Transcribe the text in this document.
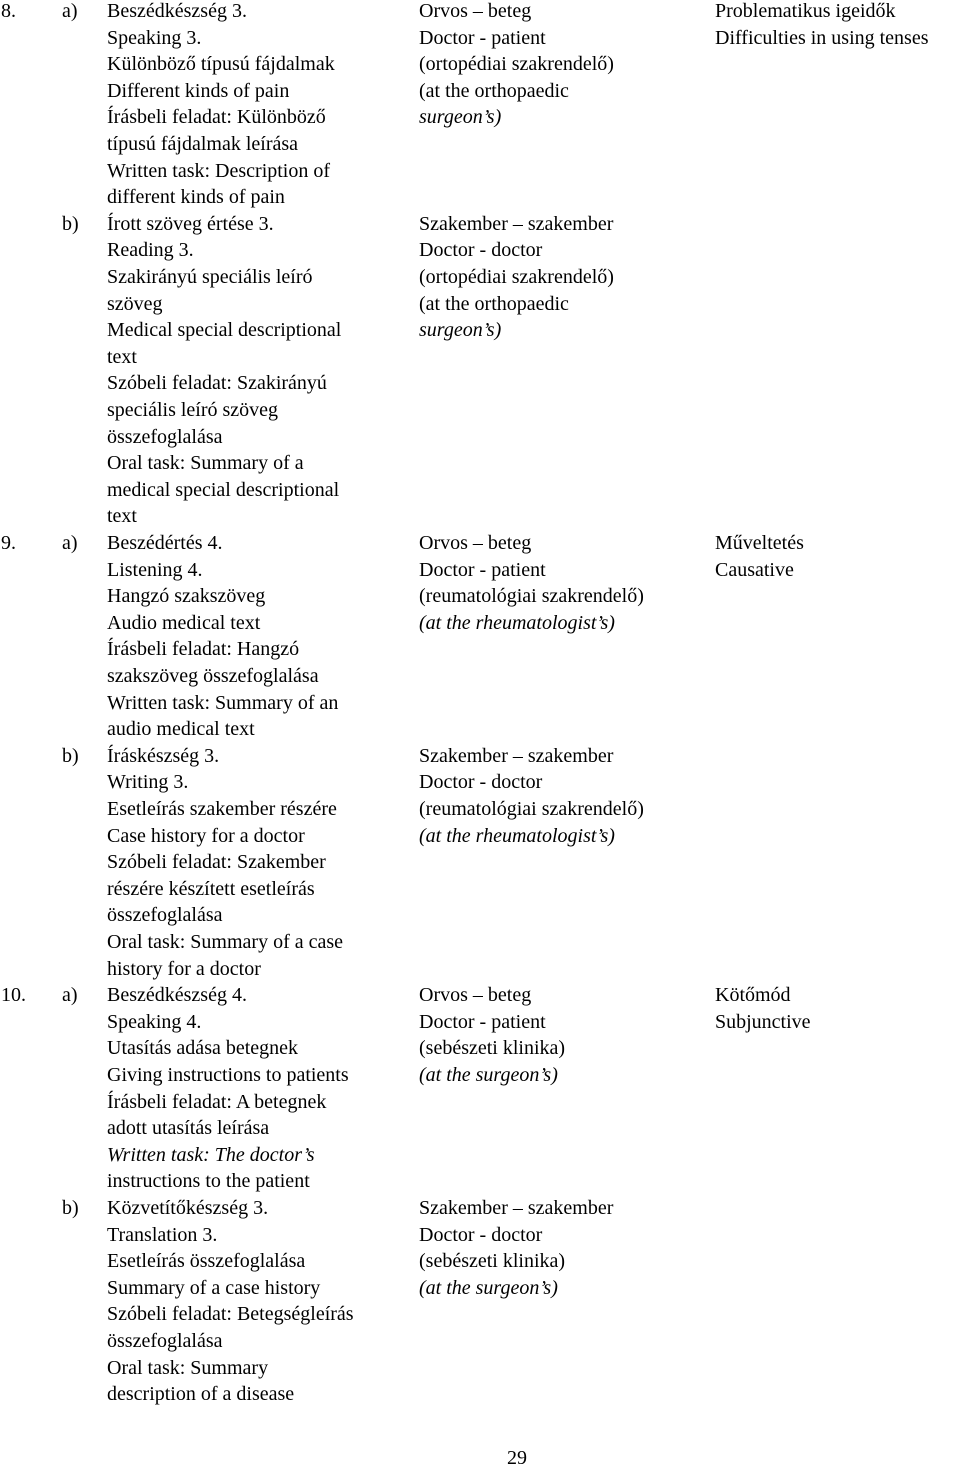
8. a) Beszédkészség 3.
Speaking 3.
Különböző típusú fájdalmak
Different kinds of pain
Írásbeli feladat: Különböző
típusú fájdalmak leírása
Written task: Description of
different kinds of pain
Orvos – beteg
Doctor - patient
(ortopédiai szakrendelő)
(at the orthopaedic
surgeon’s)
Problematikus igeidők
Difficulties in using tenses
b) Írott szöveg értése 3.
Reading 3.
Szakirányú speciális leíró
szöveg
Medical special descriptional
text
Szóbeli feladat: Szakirányú
speciális leíró szöveg
összefoglalása
Oral task: Summary of a
medical special descriptional
text
Szakember – szakember
Doctor - doctor
(ortopédiai szakrendelő)
(at the orthopaedic
surgeon’s)
9. a) Beszédértés 4.
Listening 4.
Hangzó szakszöveg
Audio medical text
Írásbeli feladat: Hangzó
szakszöveg összefoglalása
Written task: Summary of an
audio medical text
Orvos – beteg
Doctor - patient
(reumatológiai szakrendelő)
(at the rheumatologist’s)
Műveltetés
Causative
b) Íráskészség 3.
Writing 3.
Esetleírás szakember részére
Case history for a doctor
Szóbeli feladat: Szakember
részére készített esetleírás
összefoglalása
Oral task: Summary of a case
history for a doctor
Szakember – szakember
Doctor - doctor
(reumatológiai szakrendelő)
(at the rheumatologist’s)
10. a) Beszédkészség 4.
Speaking 4.
Utasítás adása betegnek
Giving instructions to patients
Írásbeli feladat: A betegnek
adott utasítás leírása
Written task: The doctor’s
instructions to the patient
Orvos – beteg
Doctor - patient
(sebészeti klinika)
(at the surgeon’s)
Kötőmód
Subjunctive
b) Közvetítőkészség 3.
Translation 3.
Esetleírás összefoglalása
Summary of a case history
Szóbeli feladat: Betegségleírás
összefoglalása
Oral task: Summary
description of a disease
Szakember – szakember
Doctor - doctor
(sebészeti klinika)
(at the surgeon’s)
29
